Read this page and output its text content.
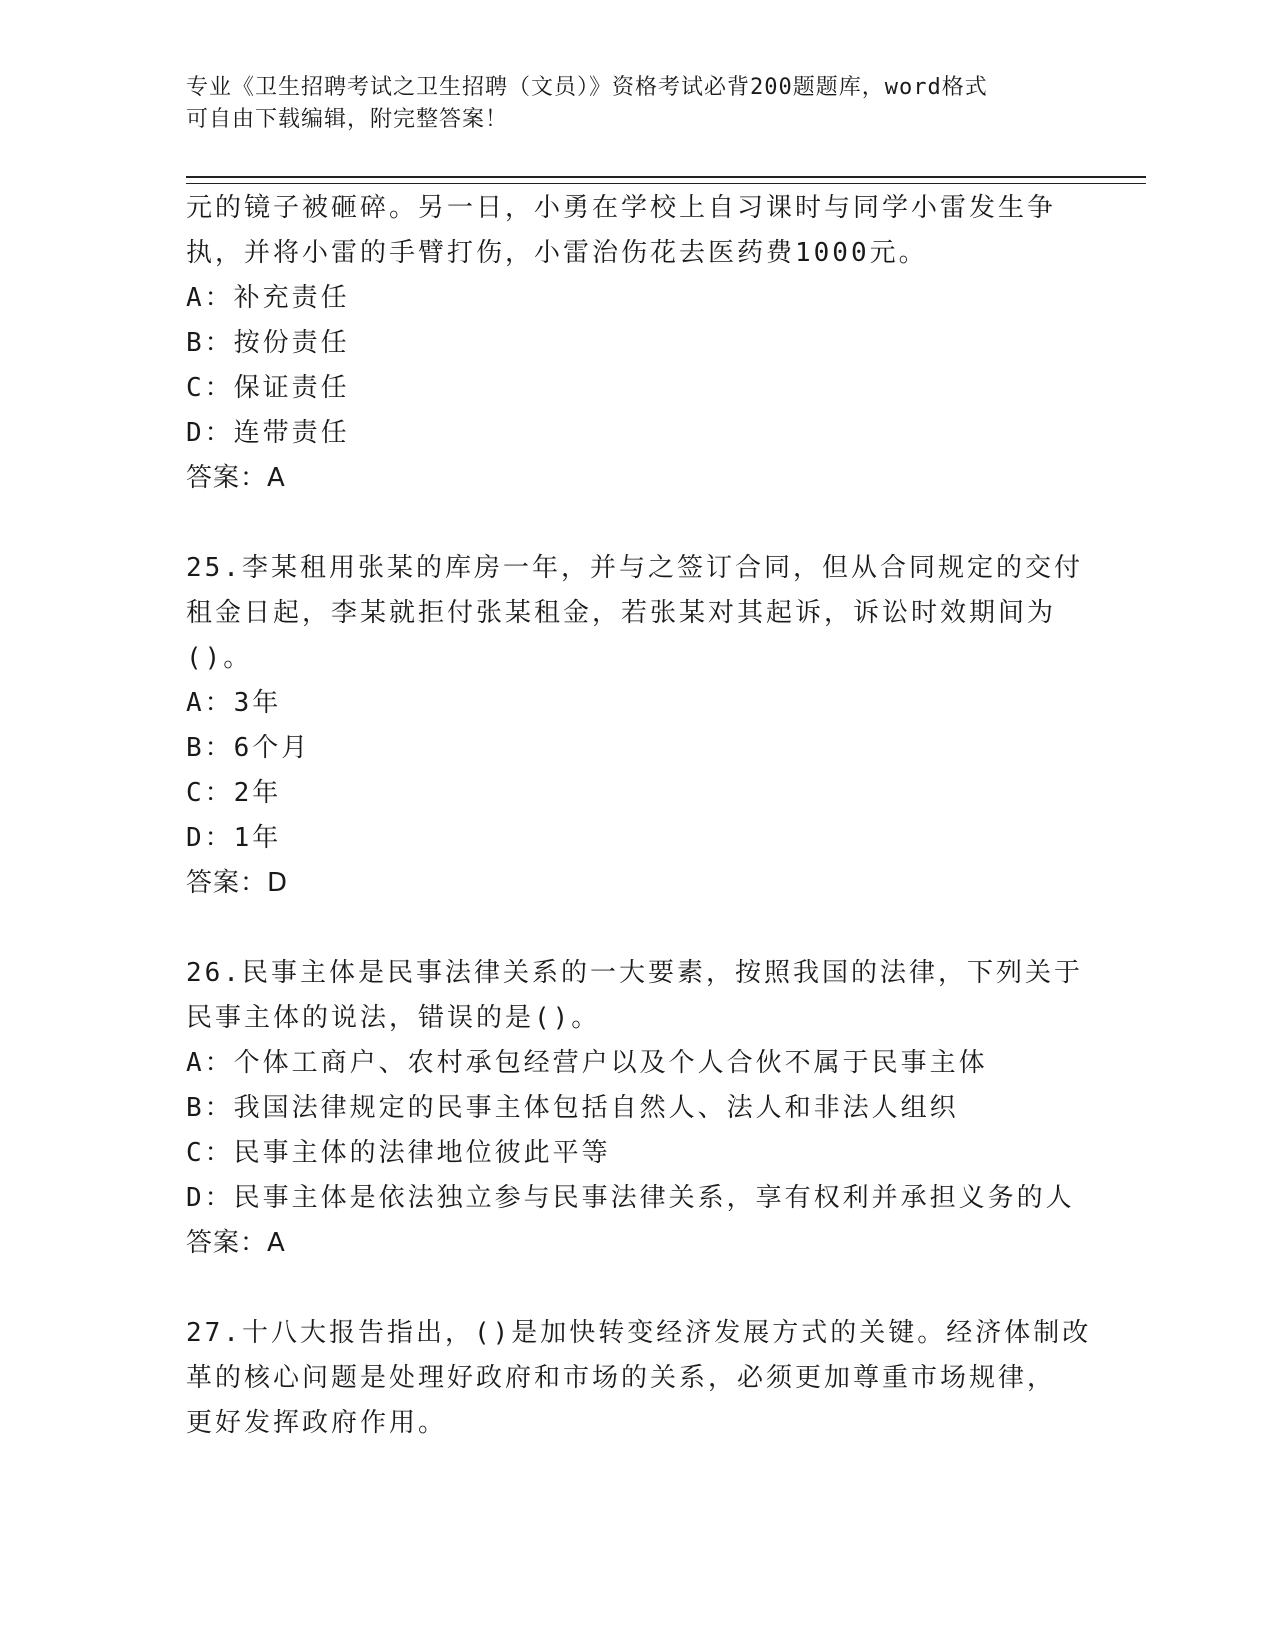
专业《卫生招聘考试之卫生招聘（文员）》资格考试必背200题题库，word格式
可自由下载编辑，附完整答案！
元的镜子被砸碎。另一日，小勇在学校上自习课时与同学小雷发生争
执，并将小雷的手臂打伤，小雷治伤花去医药费1000元。
A：补充责任
B：按份责任
C：保证责任
D：连带责任
答案：A
25.李某租用张某的库房一年，并与之签订合同，但从合同规定的交付
租金日起，李某就拒付张某租金，若张某对其起诉，诉讼时效期间为
()。
A：3年
B：6个月
C：2年
D：1年
答案：D
26.民事主体是民事法律关系的一大要素，按照我国的法律，下列关于
民事主体的说法，错误的是()。
A：个体工商户、农村承包经营户以及个人合伙不属于民事主体
B：我国法律规定的民事主体包括自然人、法人和非法人组织
C：民事主体的法律地位彼此平等
D：民事主体是依法独立参与民事法律关系，享有权利并承担义务的人
答案：A
27.十八大报告指出，()是加快转变经济发展方式的关键。经济体制改
革的核心问题是处理好政府和市场的关系，必须更加尊重市场规律，
更好发挥政府作用。
